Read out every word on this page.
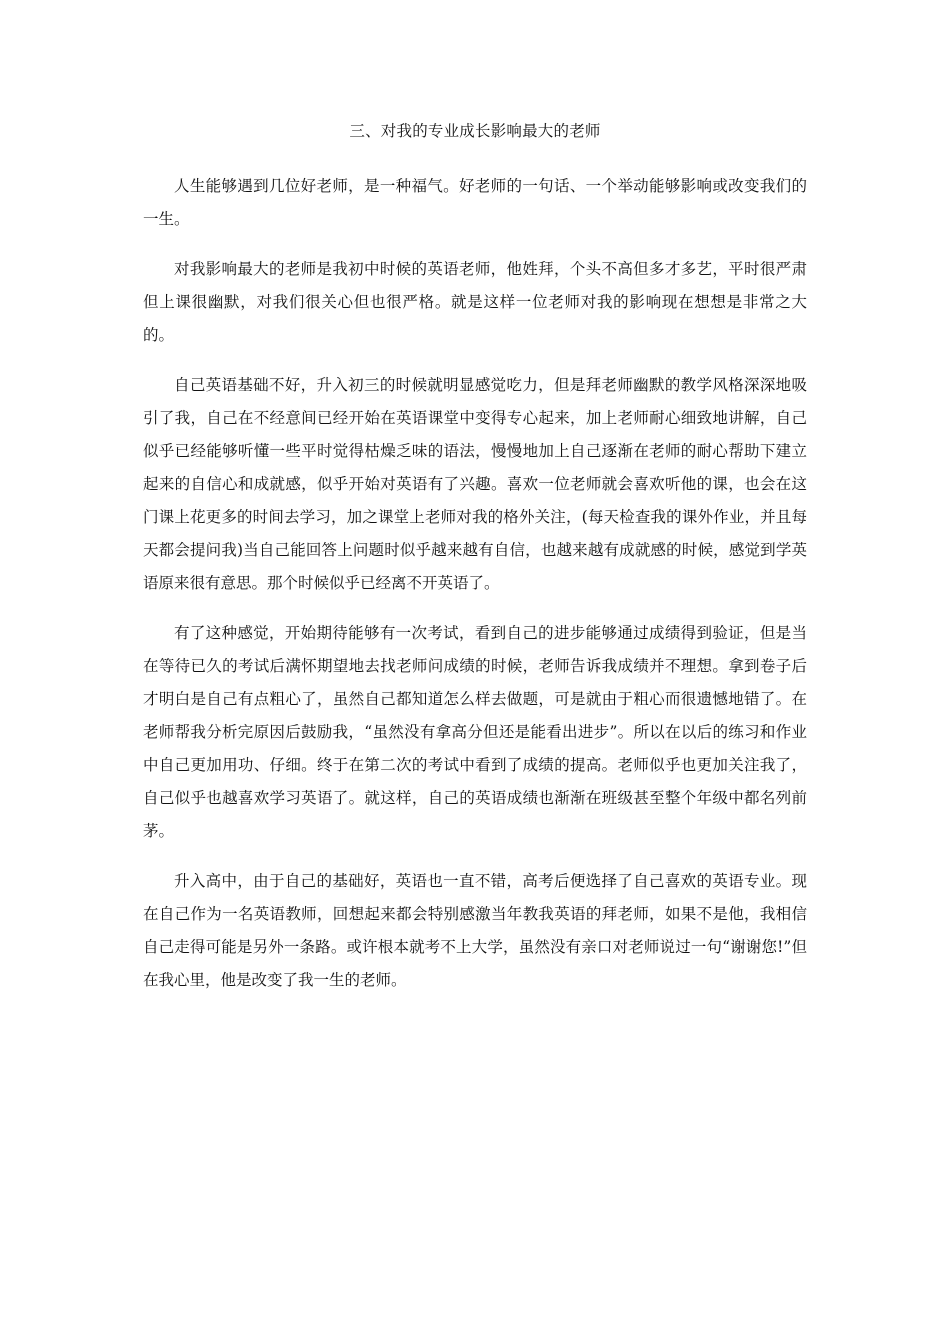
三、对我的专业成长影响最大的老师

人生能够遇到几位好老师，是一种福气。好老师的一句话、一个举动能够影响或改变我们的一生。

对我影响最大的老师是我初中时候的英语老师，他姓拜，个头不高但多才多艺，平时很严肃但上课很幽默，对我们很关心但也很严格。就是这样一位老师对我的影响现在想想是非常之大的。

自己英语基础不好，升入初三的时候就明显感觉吃力，但是拜老师幽默的教学风格深深地吸引了我，自己在不经意间已经开始在英语课堂中变得专心起来，加上老师耐心细致地讲解，自己似乎已经能够听懂一些平时觉得枯燥乏味的语法，慢慢地加上自己逐渐在老师的耐心帮助下建立起来的自信心和成就感，似乎开始对英语有了兴趣。喜欢一位老师就会喜欢听他的课，也会在这门课上花更多的时间去学习，加之课堂上老师对我的格外关注，(每天检查我的课外作业，并且每天都会提问我)当自己能回答上问题时似乎越来越有自信，也越来越有成就感的时候，感觉到学英语原来很有意思。那个时候似乎已经离不开英语了。

有了这种感觉，开始期待能够有一次考试，看到自己的进步能够通过成绩得到验证，但是当在等待已久的考试后满怀期望地去找老师问成绩的时候，老师告诉我成绩并不理想。拿到卷子后才明白是自己有点粗心了，虽然自己都知道怎么样去做题，可是就由于粗心而很遗憾地错了。在老师帮我分析完原因后鼓励我，“虽然没有拿高分但还是能看出进步”。所以在以后的练习和作业中自己更加用功、仔细。终于在第二次的考试中看到了成绩的提高。老师似乎也更加关注我了，自己似乎也越喜欢学习英语了。就这样，自己的英语成绩也渐渐在班级甚至整个年级中都名列前茅。

升入高中，由于自己的基础好，英语也一直不错，高考后便选择了自己喜欢的英语专业。现在自己作为一名英语教师，回想起来都会特别感激当年教我英语的拜老师，如果不是他，我相信自己走得可能是另外一条路。或许根本就考不上大学，虽然没有亲口对老师说过一句“谢谢您!”但在我心里，他是改变了我一生的老师。
